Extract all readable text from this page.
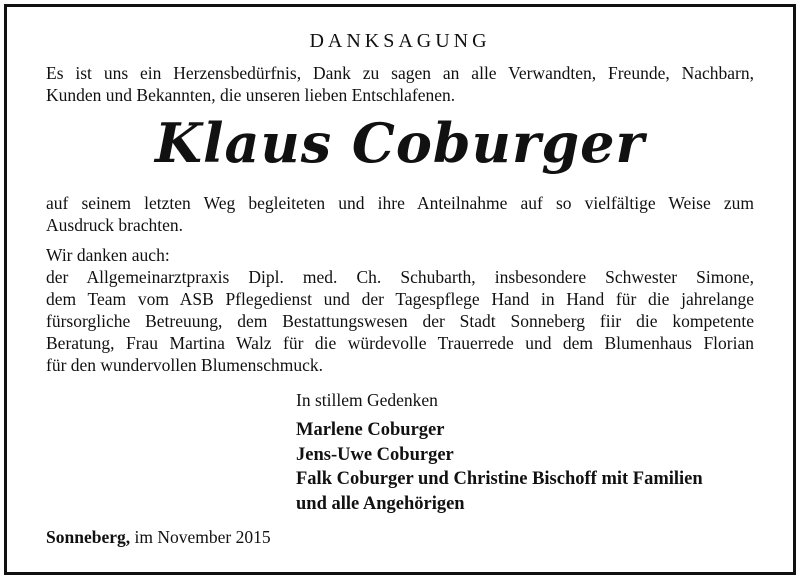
DANKSAGUNG
Es ist uns ein Herzensbedürfnis, Dank zu sagen an alle Verwandten, Freunde, Nachbarn,
Kunden und Bekannten, die unseren lieben Entschlafenen.
Klaus Coburger
auf seinem letzten Weg begleiteten und ihre Anteilnahme auf so vielfältige Weise zum
Ausdruck brachten.
Wir danken auch:
der Allgemeinarztpraxis Dipl. med. Ch. Schubarth, insbesondere Schwester Simone,
dem Team vom ASB Pflegedienst und der Tagespflege Hand in Hand für die jahrelange
fürsorgliche Betreuung, dem Bestattungswesen der Stadt Sonneberg fiir die kompetente
Beratung, Frau Martina Walz für die würdevolle Trauerrede und dem Blumenhaus Florian
für den wundervollen Blumenschmuck.
In stillem Gedenken
Marlene Coburger
Jens-Uwe Coburger
Falk Coburger und Christine Bischoff mit Familien
und alle Angehörigen
Sonneberg, im November 2015
